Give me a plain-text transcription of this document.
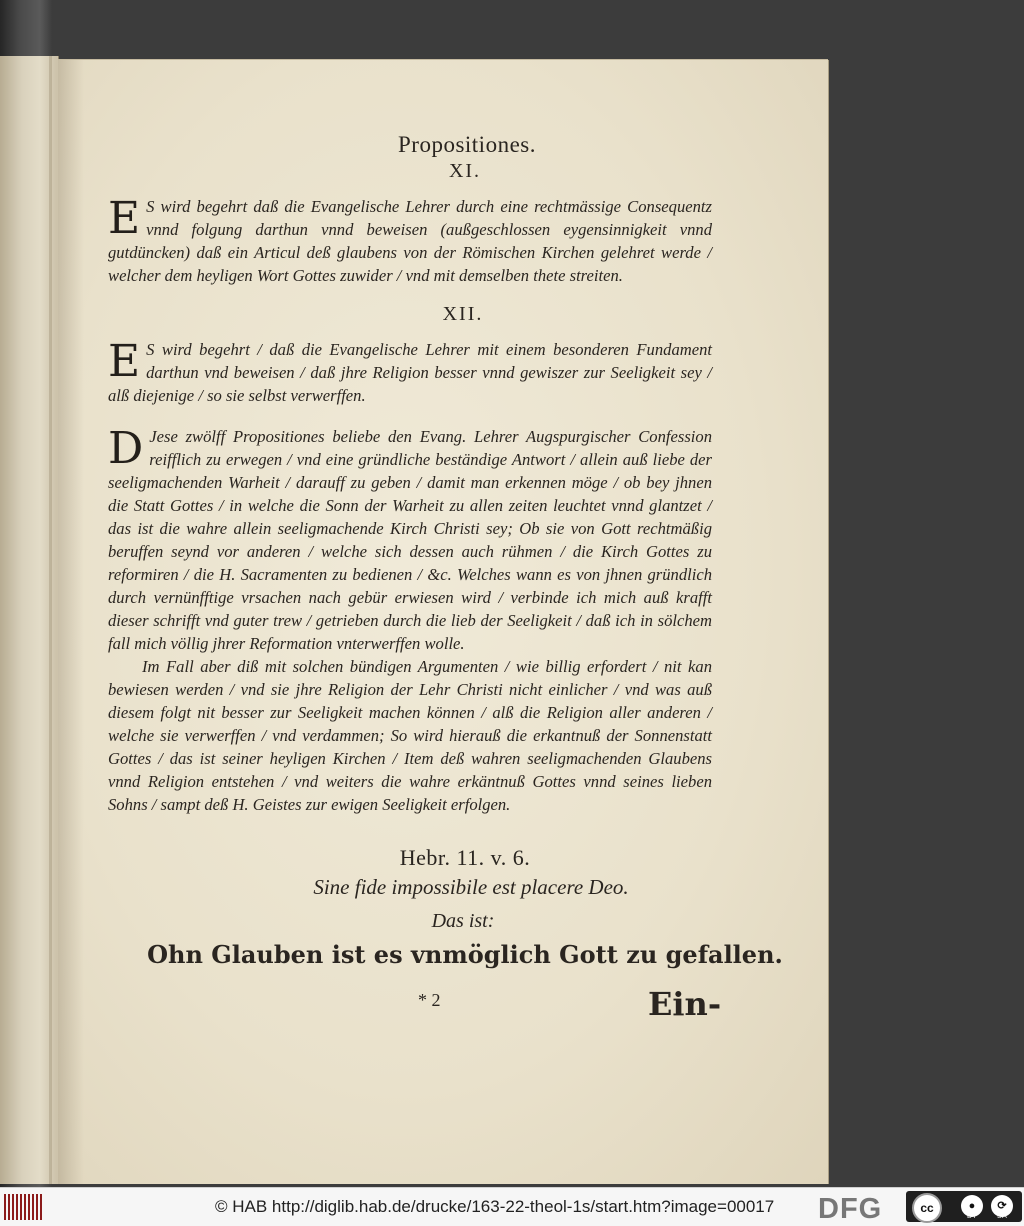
Propositiones.
XI.
E S wird begehrt daß die Evangelische Lehrer durch eine rechtmässige Consequentz vnnd folgung darthun vnnd beweisen (außgeschlossen eygensinnigkeit vnnd gutdüncken) daß ein Articul deß glaubens von der Römischen Kirchen gelehret werde / welcher dem heyligen Wort Gottes zuwider / vnd mit demselben thete streiten.

XII.
E S wird begehrt / daß die Evangelische Lehrer mit einem besonderen Fundament darthun vnd beweisen / daß jhre Religion besser vnnd gewiszer zur Seeligkeit sey / alß diejenige / so sie selbst verwerffen.

D Jese zwölff Propositiones beliebe den Evang. Lehrer Augspurgischer Confession reifflich zu erwegen / vnd eine gründliche beständige Antwort / allein auß liebe der seeligmachenden Warheit / darauff zu geben / damit man erkennen möge / ob bey jhnen die Statt Gottes / in welche die Sonn der Warheit zu allen zeiten leuchtet vnnd glantzet / das ist die wahre allein seeligmachende Kirch Christi sey; Ob sie von Gott rechtmäßig beruffen seynd vor anderen / welche sich dessen auch rühmen / die Kirch Gottes zu reformiren / die H. Sacramenten zu bedienen / &c. Welches wann es von jhnen gründlich durch vernünfftige vrsachen nach gebür erwiesen wird / verbinde ich mich auß krafft dieser schrifft vnd guter trew / getrieben durch die lieb der Seeligkeit / daß ich in sölchem fall mich völlig jhrer Reformation vnterwerffen wolle.

Im Fall aber diß mit solchen bündigen Argumenten / wie billig erfordert / nit kan bewiesen werden / vnd sie jhre Religion der Lehr Christi nicht einlicher / vnd was auß diesem folgt nit besser zur Seeligkeit machen können / alß die Religion aller anderen / welche sie verwerffen / vnd verdammen; So wird hierauß die erkantnuß der Sonnenstatt Gottes / das ist seiner heyligen Kirchen / Item deß wahren seeligmachenden Glaubens vnnd Religion entstehen / vnd weiters die wahre erkäntnuß Gottes vnnd seines lieben Sohns / sampt deß H. Geistes zur ewigen Seeligkeit erfolgen.

Hebr. 11. v. 6.
Sine fide impossibile est placere Deo.
Das ist:
Ohn Glauben ist es vnmöglich Gott zu gefallen.
* 2	Ein-
© HAB http://diglib.hab.de/drucke/163-22-theol-1s/start.htm?image=00017 DFG	cc	●	⟳
BY	SA
